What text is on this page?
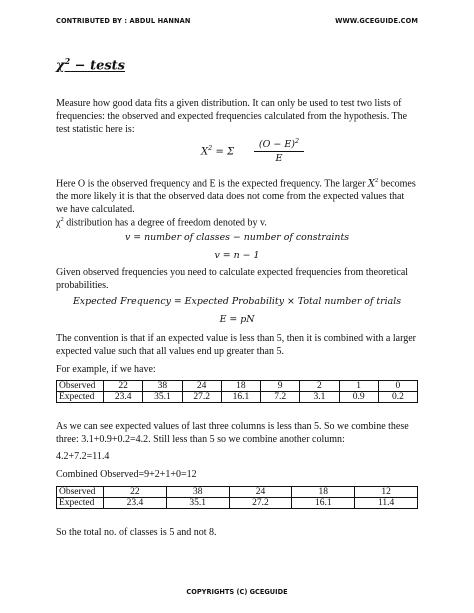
CONTRIBUTED BY : ABDUL HANNAN	WWW.GCEGUIDE.COM
$\chi^2$ − tests
Measure how good data fits a given distribution. It can only be used to test two lists of frequencies: the observed and expected frequencies calculated from the hypothesis. The test statistic here is:
$X^2 = \Sigma \frac{(O - E)^2}{E}$
Here O is the observed frequency and E is the expected frequency. The larger $X^2$ becomes the more likely it is that the observed data does not come from the expected values that we have calculated.
$\chi^2$ distribution has a degree of freedom denoted by v.
v = number of classes − number of constraints
v = n − 1
Given observed frequencies you need to calculate expected frequencies from theoretical probabilities.
Expected Frequency = Expected Probability × Total number of trials
E = pN
The convention is that if an expected value is less than 5, then it is combined with a larger expected value such that all values end up greater than 5.
For example, if we have:
Observed	22	38	24	18	9	2	1	0
Expected	23.4	35.1	27.2	16.1	7.2	3.1	0.9	0.2
As we can see expected values of last three columns is less than 5. So we combine these three: 3.1+0.9+0.2=4.2. Still less than 5 so we combine another column:
4.2+7.2=11.4
Combined Observed=9+2+1+0=12
Observed	22	38	24	18	12
Expected	23.4	35.1	27.2	16.1	11.4
So the total no. of classes is 5 and not 8.
COPYRIGHTS (C) GCEGUIDE
